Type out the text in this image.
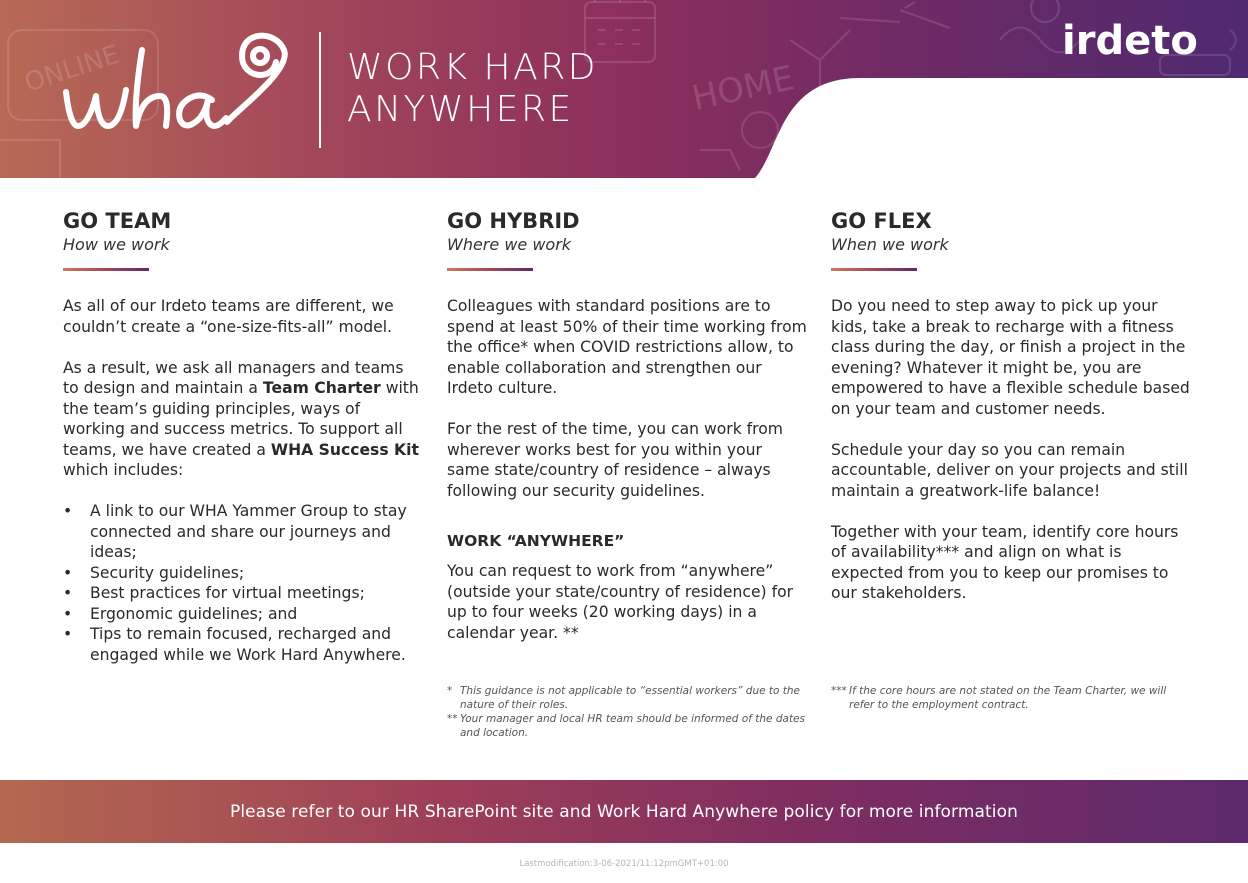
ONLINE	HOME
wha
WORK HARD
ANYWHERE
irdeto
GO TEAM
How we work

As all of our Irdeto teams are different, we couldn’t create a “one-size-fits-all” model.

As a result, we ask all managers and teams to design and maintain a Team Charter with the team’s guiding principles, ways of working and success metrics. To support all teams, we have created a WHA Success Kit which includes:

• A link to our WHA Yammer Group to stay connected and share our journeys and ideas;
• Security guidelines;
• Best practices for virtual meetings;
• Ergonomic guidelines; and
• Tips to remain focused, recharged and engaged while we Work Hard Anywhere.
GO HYBRID
Where we work

Colleagues with standard positions are to spend at least 50% of their time working from the office* when COVID restrictions allow, to enable collaboration and strengthen our Irdeto culture.

For the rest of the time, you can work from wherever works best for you within your same state/country of residence – always following our security guidelines.

WORK “ANYWHERE”

You can request to work from “anywhere” (outside your state/country of residence) for up to four weeks (20 working days) in a calendar year. **

* This guidance is not applicable to “essential workers” due to the nature of their roles.
** Your manager and local HR team should be informed of the dates and location.
GO FLEX
When we work

Do you need to step away to pick up your kids, take a break to recharge with a fitness class during the day, or finish a project in the evening? Whatever it might be, you are empowered to have a flexible schedule based on your team and customer needs.

Schedule your day so you can remain accountable, deliver on your projects and still maintain a greatwork-life balance!

Together with your team, identify core hours of availability*** and align on what is expected from you to keep our promises to our stakeholders.

*** If the core hours are not stated on the Team Charter, we will refer to the employment contract.
Please refer to our HR SharePoint site and Work Hard Anywhere policy for more information
Lastmodification:3-06-2021/11:12pmGMT+01:00
